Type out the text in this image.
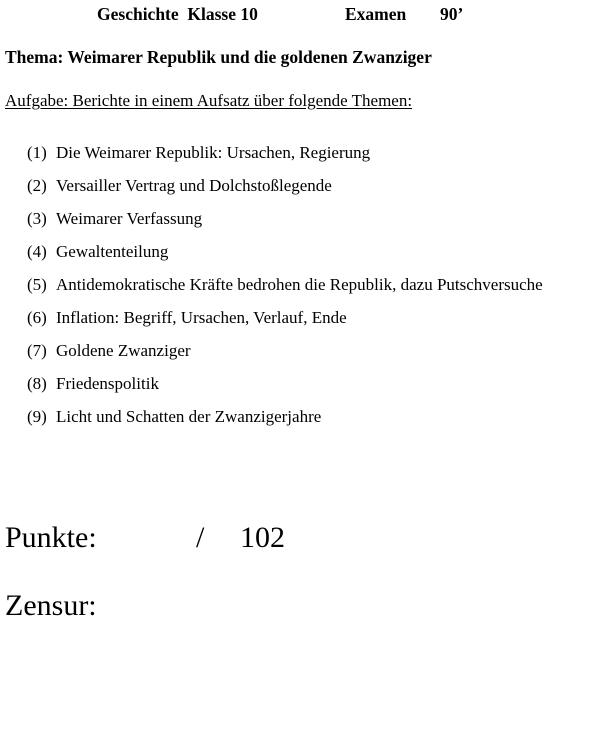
Geschichte  Klasse 10

	Examen

90’

Thema: Weimarer Republik und die goldenen Zwanziger
Aufgabe: Berichte in einem Aufsatz über folgende Themen:
(1) Die Weimarer Republik: Ursachen, Regierung
(2) Versailler Vertrag und Dolchstoßlegende
(3) Weimarer Verfassung
(4) Gewaltenteilung
(5) Antidemokratische Kräfte bedrohen die Republik, dazu Putschversuche
(6) Inflation: Begriff, Ursachen, Verlauf, Ende
(7) Goldene Zwanziger
(8) Friedenspolitik
(9) Licht und Schatten der Zwanzigerjahre

Punkte:

	/

102

Zensur:
